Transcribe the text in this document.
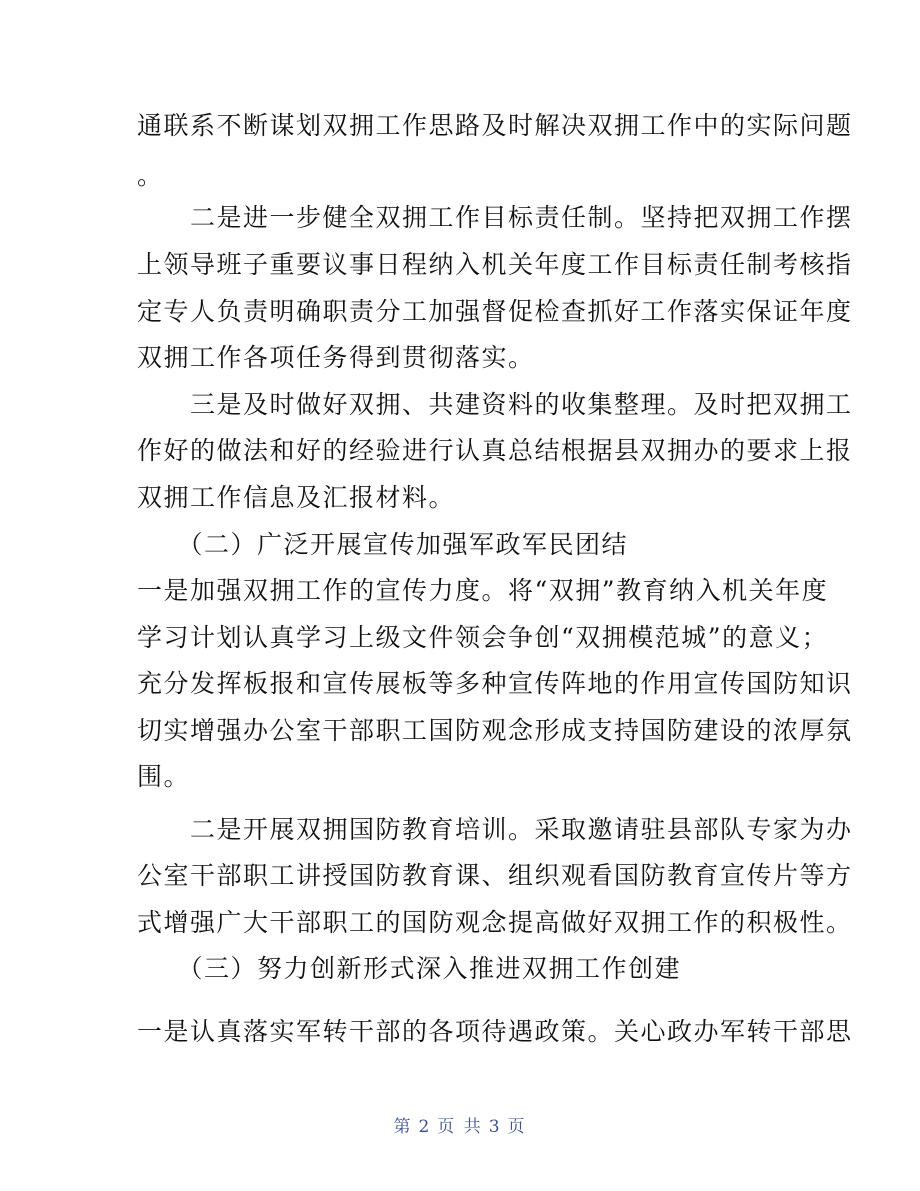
通联系不断谋划双拥工作思路及时解决双拥工作中的实际问题
。
　　二是进一步健全双拥工作目标责任制。坚持把双拥工作摆
上领导班子重要议事日程纳入机关年度工作目标责任制考核指
定专人负责明确职责分工加强督促检查抓好工作落实保证年度
双拥工作各项任务得到贯彻落实。
　　三是及时做好双拥、共建资料的收集整理。及时把双拥工
作好的做法和好的经验进行认真总结根据县双拥办的要求上报
双拥工作信息及汇报材料。
　　（二）广泛开展宣传加强军政军民团结
一是加强双拥工作的宣传力度。将“双拥”教育纳入机关年度
学习计划认真学习上级文件领会争创“双拥模范城”的意义；
充分发挥板报和宣传展板等多种宣传阵地的作用宣传国防知识
切实增强办公室干部职工国防观念形成支持国防建设的浓厚氛
围。
　　二是开展双拥国防教育培训。采取邀请驻县部队专家为办
公室干部职工讲授国防教育课、组织观看国防教育宣传片等方
式增强广大干部职工的国防观念提高做好双拥工作的积极性。
　　（三）努力创新形式深入推进双拥工作创建
一是认真落实军转干部的各项待遇政策。关心政办军转干部思
第 2 页 共 3 页
